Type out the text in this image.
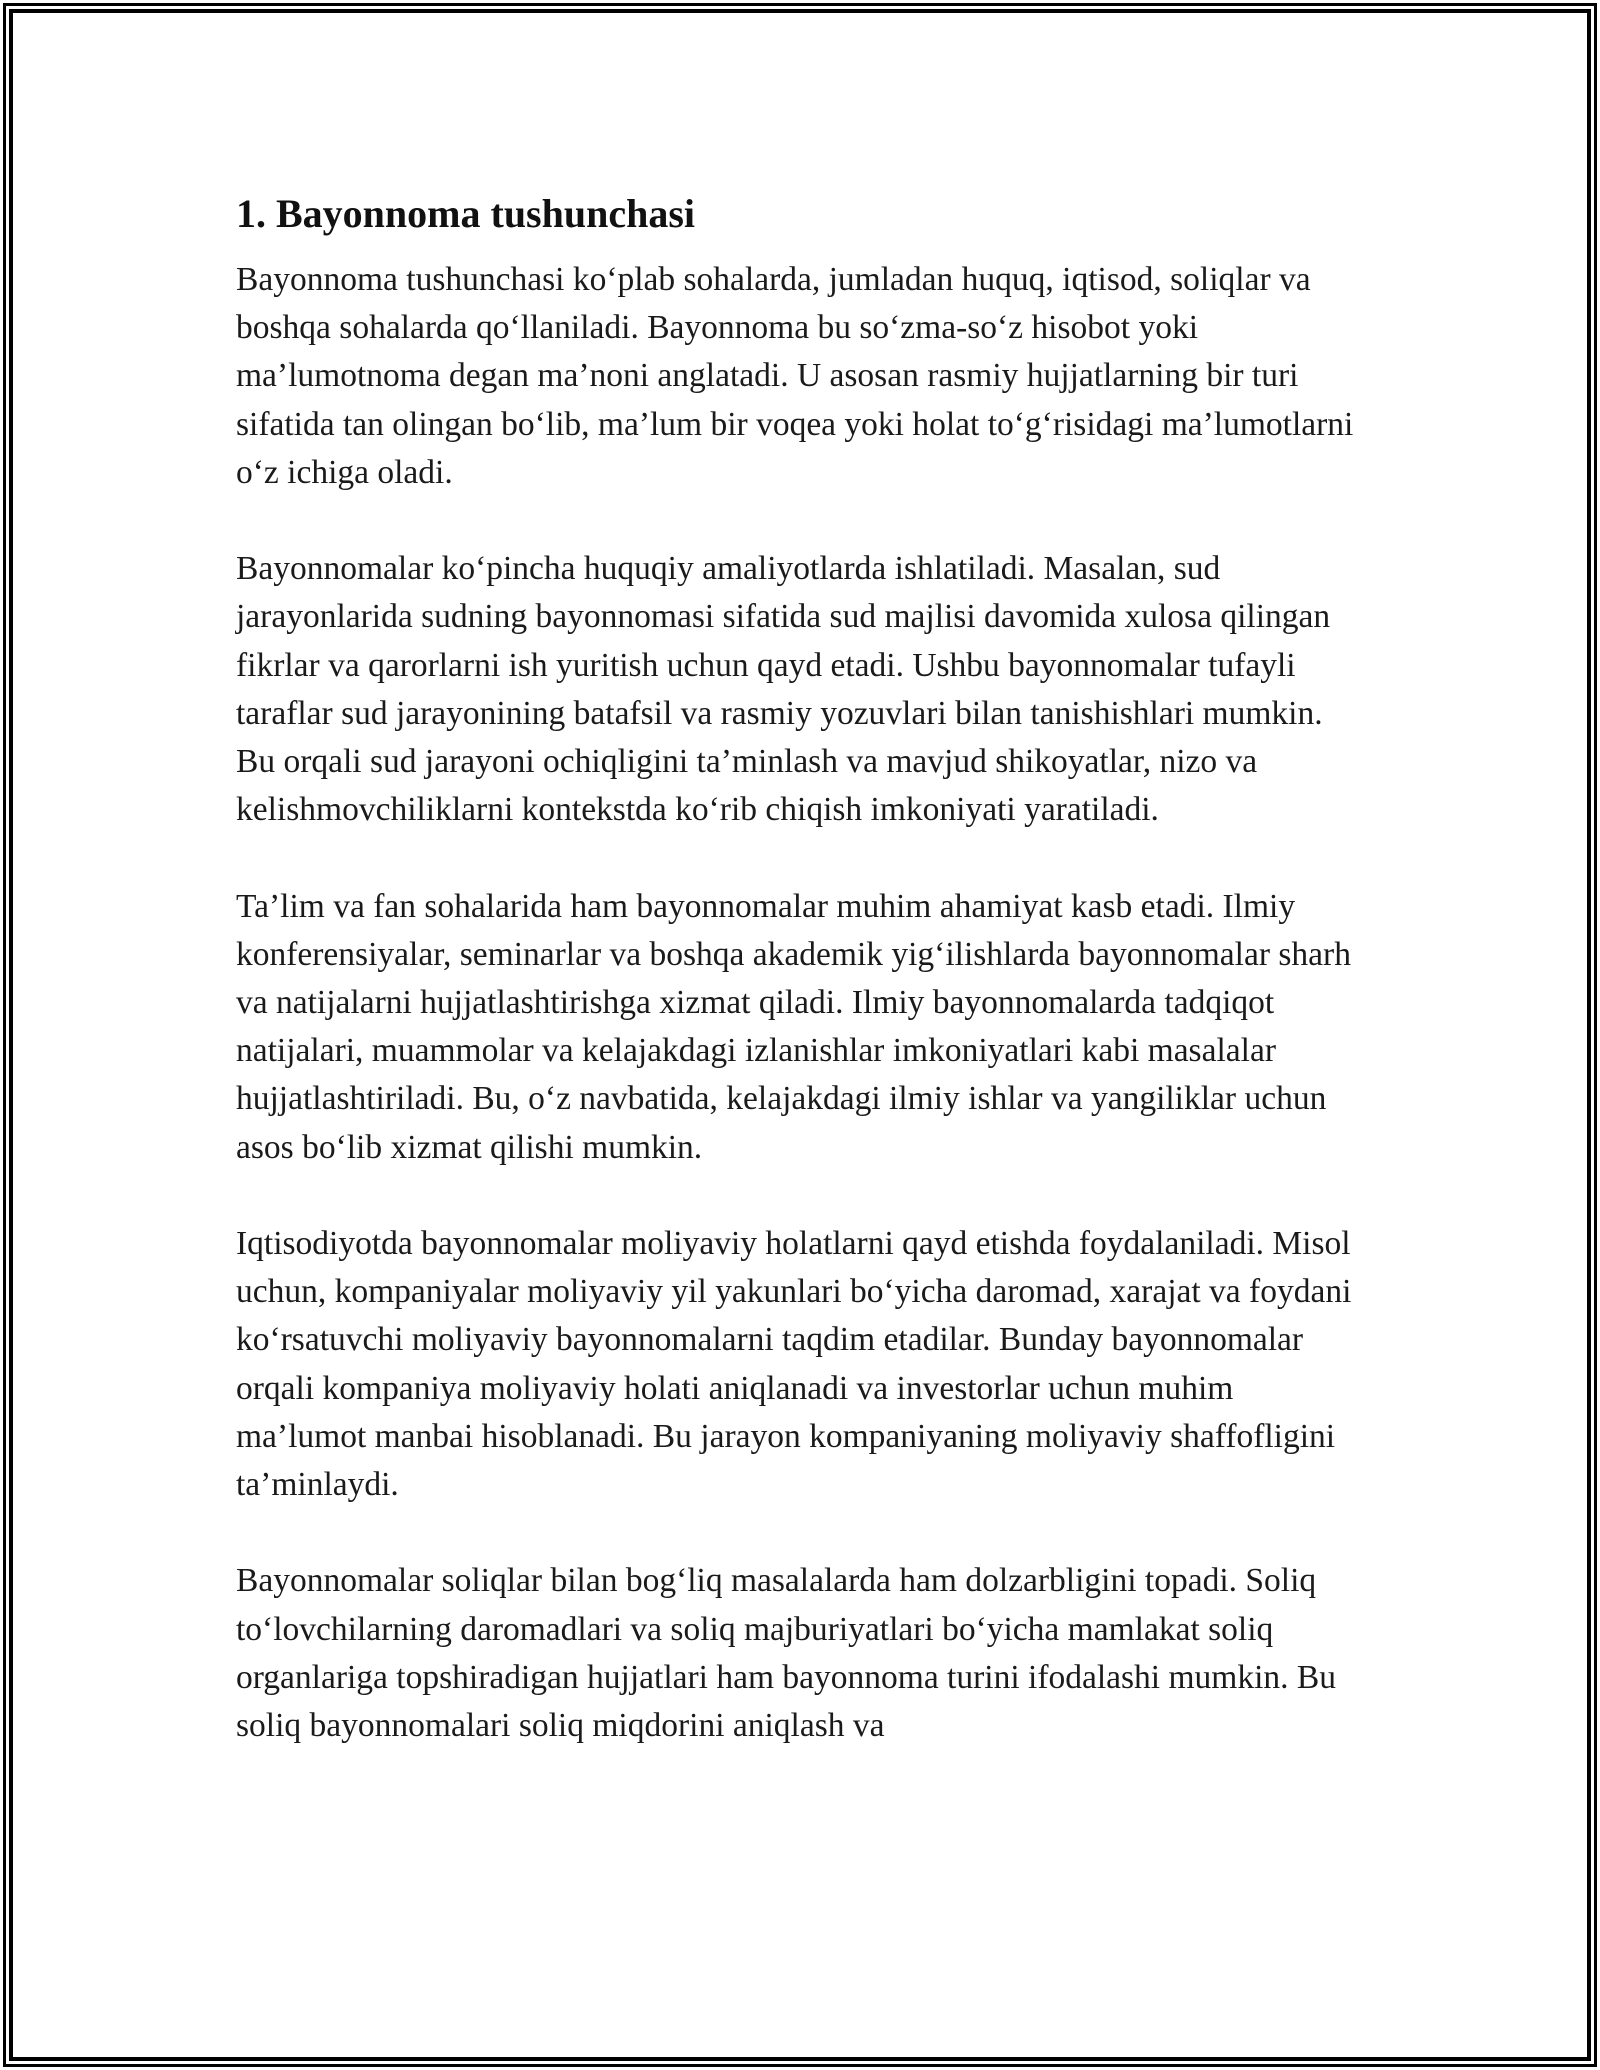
1. Bayonnoma tushunchasi

Bayonnoma tushunchasi ko‘plab sohalarda, jumladan huquq, iqtisod, soliqlar va boshqa sohalarda qo‘llaniladi. Bayonnoma bu so‘zma-so‘z hisobot yoki ma’lumotnoma degan ma’noni anglatadi. U asosan rasmiy hujjatlarning bir turi sifatida tan olingan bo‘lib, ma’lum bir voqea yoki holat to‘g‘risidagi ma’lumotlarni o‘z ichiga oladi.

Bayonnomalar ko‘pincha huquqiy amaliyotlarda ishlatiladi. Masalan, sud jarayonlarida sudning bayonnomasi sifatida sud majlisi davomida xulosa qilingan fikrlar va qarorlarni ish yuritish uchun qayd etadi. Ushbu bayonnomalar tufayli taraflar sud jarayonining batafsil va rasmiy yozuvlari bilan tanishishlari mumkin. Bu orqali sud jarayoni ochiqligini ta’minlash va mavjud shikoyatlar, nizo va kelishmovchiliklarni kontekstda ko‘rib chiqish imkoniyati yaratiladi.

Ta’lim va fan sohalarida ham bayonnomalar muhim ahamiyat kasb etadi. Ilmiy konferensiyalar, seminarlar va boshqa akademik yig‘ilishlarda bayonnomalar sharh va natijalarni hujjatlashtirishga xizmat qiladi. Ilmiy bayonnomalarda tadqiqot natijalari, muammolar va kelajakdagi izlanishlar imkoniyatlari kabi masalalar hujjatlashtiriladi. Bu, o‘z navbatida, kelajakdagi ilmiy ishlar va yangiliklar uchun asos bo‘lib xizmat qilishi mumkin.

Iqtisodiyotda bayonnomalar moliyaviy holatlarni qayd etishda foydalaniladi. Misol uchun, kompaniyalar moliyaviy yil yakunlari bo‘yicha daromad, xarajat va foydani ko‘rsatuvchi moliyaviy bayonnomalarni taqdim etadilar. Bunday bayonnomalar orqali kompaniya moliyaviy holati aniqlanadi va investorlar uchun muhim ma’lumot manbai hisoblanadi. Bu jarayon kompaniyaning moliyaviy shaffofligini ta’minlaydi.

Bayonnomalar soliqlar bilan bog‘liq masalalarda ham dolzarbligini topadi. Soliq to‘lovchilarning daromadlari va soliq majburiyatlari bo‘yicha mamlakat soliq organlariga topshiradigan hujjatlari ham bayonnoma turini ifodalashi mumkin. Bu soliq bayonnomalari soliq miqdorini aniqlash va
